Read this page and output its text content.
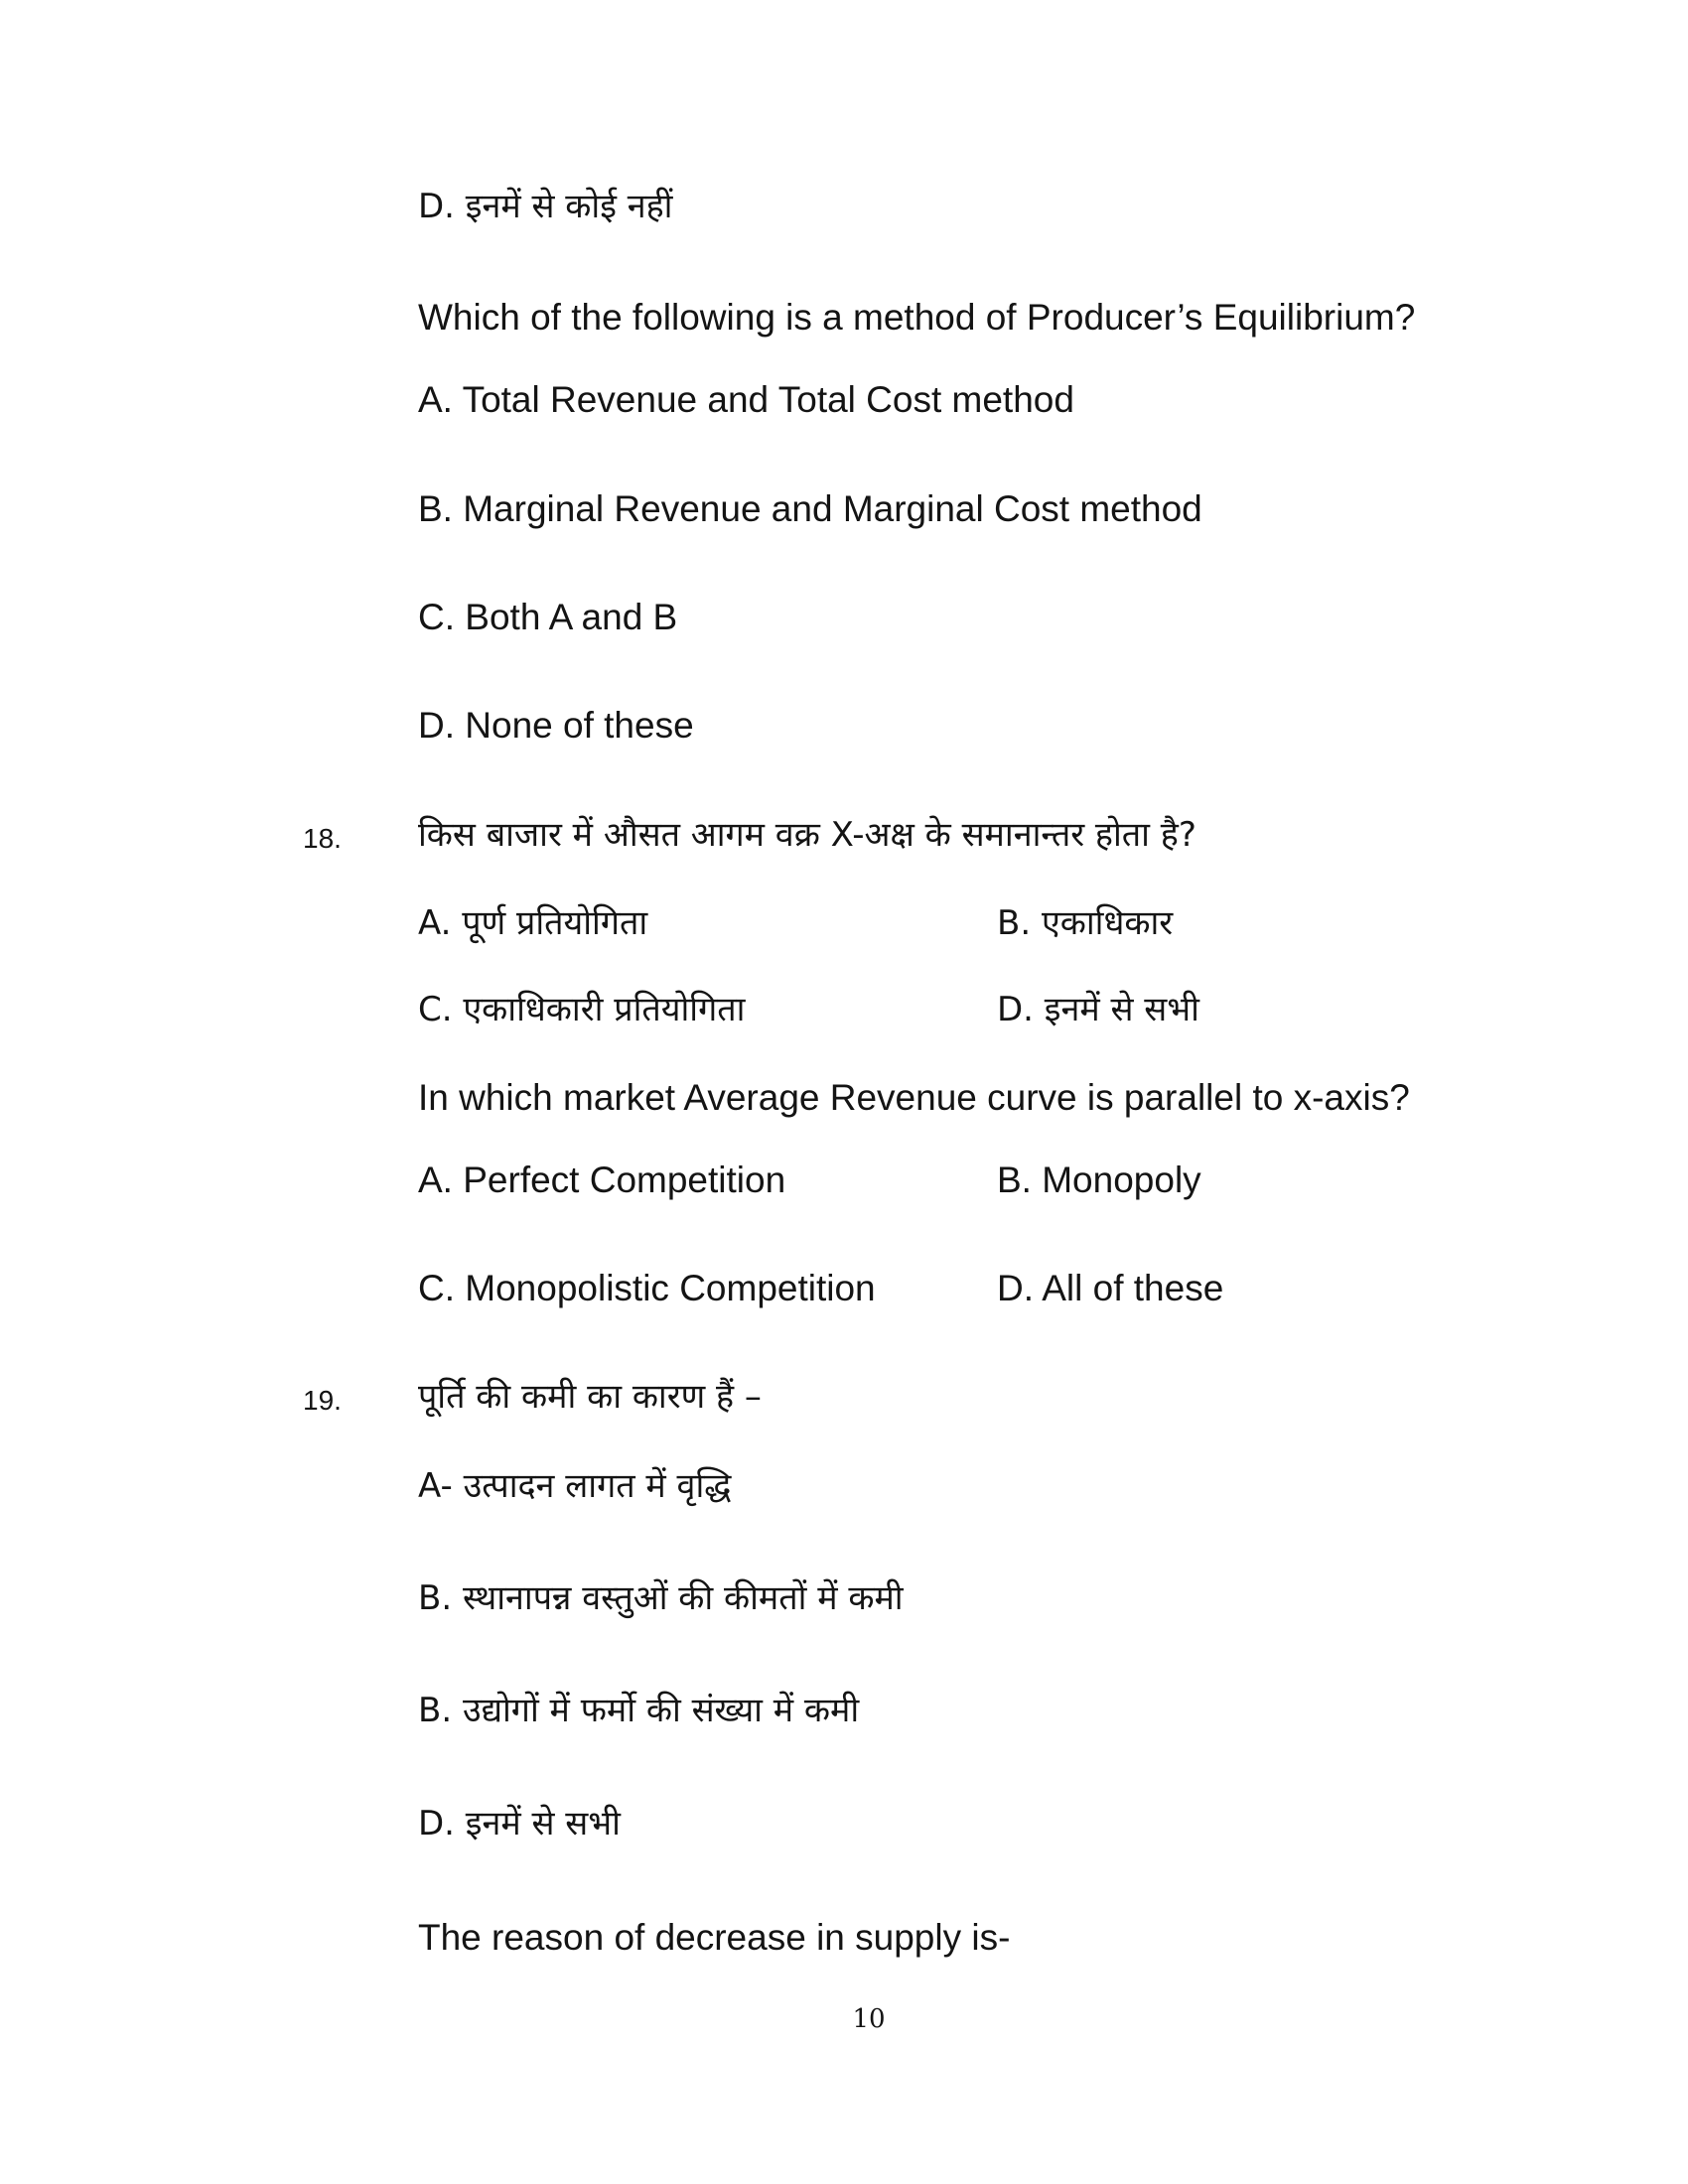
D. इनमें से कोई नहीं
Which of the following is a method of Producer’s Equilibrium?
A. Total Revenue and Total Cost method
B. Marginal Revenue and Marginal Cost method
C. Both A and B
D. None of these
18. किस बाजार में औसत आगम वक्र X-अक्ष के समानान्तर होता है?
A. पूर्ण प्रतियोगिता	B. एकाधिकार
C. एकाधिकारी प्रतियोगिता	D. इनमें से सभी
In which market Average Revenue curve is parallel to x-axis?
A. Perfect Competition	B. Monopoly
C. Monopolistic Competition	D. All of these
19. पूर्ति की कमी का कारण हैं –
A- उत्पादन लागत में वृद्धि
B. स्थानापन्न वस्तुओं की कीमतों में कमी
B. उद्योगों में फर्मो की संख्या में कमी
D. इनमें से सभी
The reason of decrease in supply is-
10
